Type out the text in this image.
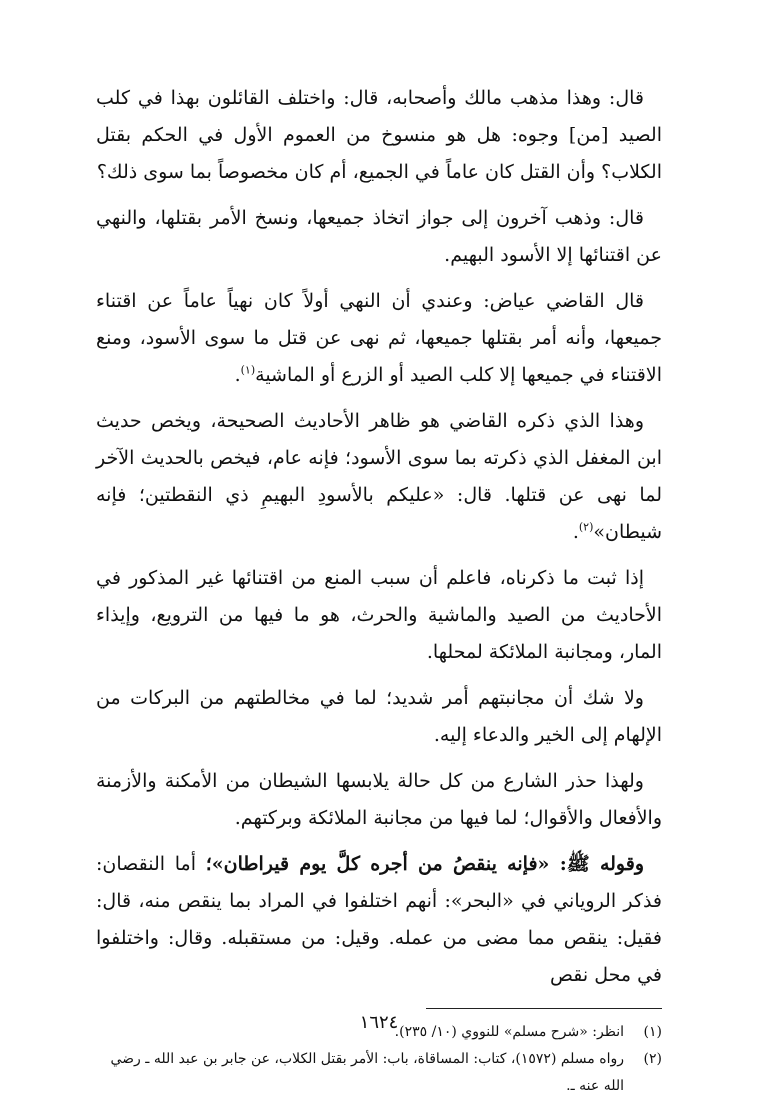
قال: وهذا مذهب مالك وأصحابه، قال: واختلف القائلون بهذا في كلب الصيد [من] وجوه: هل هو منسوخ من العموم الأول في الحكم بقتل الكلاب؟ وأن القتل كان عاماً في الجميع، أم كان مخصوصاً بما سوى ذلك؟

قال: وذهب آخرون إلى جواز اتخاذ جميعها، ونسخ الأمر بقتلها، والنهي عن اقتنائها إلا الأسود البهيم.

قال القاضي عياض: وعندي أن النهي أولاً كان نهياً عاماً عن اقتناء جميعها، وأنه أمر بقتلها جميعها، ثم نهى عن قتل ما سوى الأسود، ومنع الاقتناء في جميعها إلا كلب الصيد أو الزرع أو الماشية$^{(١)}$.

وهذا الذي ذكره القاضي هو ظاهر الأحاديث الصحيحة، ويخص حديث ابن المغفل الذي ذكرته بما سوى الأسود؛ فإنه عام، فيخص بالحديث الآخر لما نهى عن قتلها. قال: «عليكم بالأسودِ البهيمِ ذي النقطتين؛ فإنه شيطان»$^{(٢)}$.

إذا ثبت ما ذكرناه، فاعلم أن سبب المنع من اقتنائها غير المذكور في الأحاديث من الصيد والماشية والحرث، هو ما فيها من الترويع، وإيذاء المار، ومجانبة الملائكة لمحلها.

ولا شك أن مجانبتهم أمر شديد؛ لما في مخالطتهم من البركات من الإلهام إلى الخير والدعاء إليه.

ولهذا حذر الشارع من كل حالة يلابسها الشيطان من الأمكنة والأزمنة والأفعال والأقوال؛ لما فيها من مجانبة الملائكة وبركتهم.

وقوله ﷺ: «فإنه ينقصُ من أجره كلَّ يوم قيراطان»؛ أما النقصان: فذكر الروياني في «البحر»: أنهم اختلفوا في المراد بما ينقص منه، قال: فقيل: ينقص مما مضى من عمله. وقيل: من مستقبله. وقال: واختلفوا في محل نقص

(١)
انظر: «شرح مسلم» للنووي (١٠/ ٢٣٥).
(٢)
رواه مسلم (١٥٧٢)، كتاب: المساقاة، باب: الأمر بقتل الكلاب، عن جابر بن عبد الله ـ رضي الله عنه ـ.
١٦٢٤
